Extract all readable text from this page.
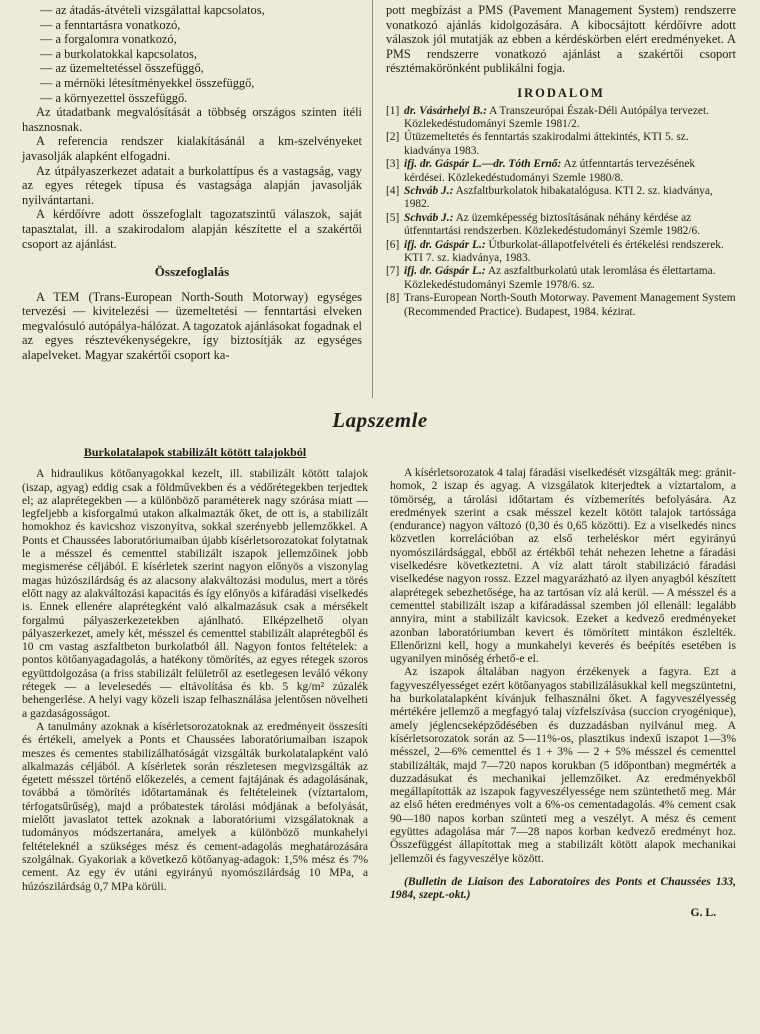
— az átadás-átvételi vizsgálattal kapcsolatos,
— a fenntartásra vonatkozó,
— a forgalomra vonatkozó,
— a burkolatokkal kapcsolatos,
— az üzemeltetéssel összefüggő,
— a mérnöki létesítményekkel összefüggő,
— a környezettel összefüggő.

Az útadatbank megvalósítását a többség országos szinten ítéli hasznosnak.

A referencia rendszer kialakításánál a km-szelvényeket javasolják alapként elfogadni.

Az útpályaszerkezet adatait a burkolattípus és a vastagság, vagy az egyes rétegek típusa és vastagsága alapján javasolják nyilvántartani.

A kérdőívre adott összefoglalt tagozatszintű válaszok, saját tapasztalat, ill. a szakirodalom alapján készítette el a szakértői csoport az ajánlást.

Összefoglalás

A TEM (Trans-European North-South Motorway) egységes tervezési — kivitelezési — üzemeltetési — fenntartási elveken megvalósuló autópálya-hálózat. A tagozatok ajánlásokat fogadnak el az egyes résztevékenységekre, így biztosítják az egységes alapelveket. Magyar szakértői csoport ka-

pott megbízást a PMS (Pavement Management System) rendszerre vonatkozó ajánlás kidolgozására. A kibocsájtott kérdőívre adott válaszok jól mutatják az ebben a kérdéskörben elért eredményeket. A PMS rendszerre vonatkozó ajánlást a szakértői csoport résztémakörönként publikálni fogja.

IRODALOM
[1] dr. Vásárhelyi B.: A Transzeurópai Észak-Déli Autópálya tervezet. Közlekedéstudományi Szemle 1981/2.
[2] Útüzemeltetés és fenntartás szakirodalmi áttekintés, KTI 5. sz. kiadványa 1983.
[3] ifj. dr. Gáspár L.—dr. Tóth Ernő: Az útfenntartás tervezésének kérdései. Közlekedéstudományi Szemle 1980/8.
[4] Schváb J.: Aszfaltburkolatok hibakatalógusa. KTI 2. sz. kiadványa, 1982.
[5] Schváb J.: Az üzemképesség biztosításának néhány kérdése az útfenntartási rendszerben. Közlekedéstudományi Szemle 1982/6.
[6] ifj. dr. Gáspár L.: Útburkolat-állapotfelvételi és értékelési rendszerek. KTI 7. sz. kiadványa, 1983.
[7] ifj. dr. Gáspár L.: Az aszfaltburkolatú utak leromlása és élettartama. Közlekedéstudományi Szemle 1978/6. sz.
[8] Trans-European North-South Motorway. Pavement Management System (Recommended Practice). Budapest, 1984. kézirat.
Lapszemle
Burkolatalapok stabilizált kötött talajokból

A hidraulikus kötőanyagokkal kezelt, ill. stabilizált kötött talajok (iszap, agyag) eddig csak a földművekben és a védőrétegekben terjedtek el; az alaprétegekben — a különböző paraméterek nagy szórása miatt — legfeljebb a kisforgalmú utakon alkalmazták őket, de ott is, a stabilizált homokhoz és kavicshoz viszonyítva, sokkal szerényebb jellemzőkkel. A Ponts et Chaussées laboratóriumaiban újabb kísérletsorozatokat folytatnak le a mésszel és cementtel stabilizált iszapok jellemzőinek jobb megismerése céljából. E kísérletek szerint nagyon előnyös a viszonylag magas húzószilárdság és az alacsony alakváltozási modulus, mert a törés előtt nagy az alakváltozási kapacitás és így előnyös a kifáradási viselkedés is. Ennek ellenére alaprétegként való alkalmazásuk csak a mérsékelt forgalmú pályaszerkezetekben ajánlható. Elképzelhető olyan pályaszerkezet, amely két, mésszel és cementtel stabilizált alaprétegből és 10 cm vastag aszfaltbeton burkolatból áll. Nagyon fontos feltételek: a pontos kötőanyagadagolás, a hatékony tömörítés, az egyes rétegek szoros együttdolgozása (a friss stabilizált felületről az esetlegesen leváló vékony rétegek — a levelesedés — eltávolítása és kb. 5 kg/m² zúzalék behengerlése. A helyi vagy közeli iszap felhasználása jelentősen növelheti a gazdaságosságot.

A tanulmány azoknak a kísérletsorozatoknak az eredményeit összesíti és értékeli, amelyek a Ponts et Chaussées laboratóriumaiban iszapok meszes és cementes stabilizálhatóságát vizsgálták burkolatalapként való alkalmazás céljából. A kísérletek során részletesen megvizsgálták az égetett mésszel történő előkezelés, a cement fajtájának és adagolásának, továbbá a tömörítés időtartamának és feltételeinek (víztartalom, térfogatsűrűség), majd a próbatestek tárolási módjának a befolyását, mielőtt javaslatot tettek azoknak a laboratóriumi vizsgálatoknak a tudományos módszertanára, amelyek a különböző munkahelyi feltételeknél a szükséges mész és cement-adagolás meghatározására szolgálnak. Gyakoriak a következő kötőanyag-adagok: 1,5% mész és 7% cement. Az egy év utáni egyirányú nyomószilárdság 10 MPa, a húzószilárdság 0,7 MPa körüli.

A kísérletsorozatok 4 talaj fáradási viselkedését vizsgálták meg: gránit-homok, 2 iszap és agyag. A vizsgálatok kiterjedtek a víztartalom, a tömörség, a tárolási időtartam és vízbemerítés befolyására. Az eredmények szerint a csak mésszel kezelt kötött talajok tartóssága (endurance) nagyon változó (0,30 és 0,65 közötti). Ez a viselkedés nincs közvetlen korrelációban az első terheléskor mért egyirányú nyomószilárdsággal, ebből az értékből tehát nehezen lehetne a fáradási viselkedésre következtetni. A víz alatt tárolt stabilizáció fáradási viselkedése nagyon rossz. Ezzel magyarázható az ilyen anyagból készített alaprétegek sebezhetősége, ha az tartósan víz alá kerül. — A mésszel és a cementtel stabilizált iszap a kifáradással szemben jól ellenáll: legalább annyira, mint a stabilizált kavicsok. Ezeket a kedvező eredményeket azonban laboratóriumban kevert és tömörített mintákon észlelték. Ellenőrizni kell, hogy a munkahelyi keverés és beépítés esetében is ugyanilyen minőség érhető-e el.

Az iszapok általában nagyon érzékenyek a fagyra. Ezt a fagyveszélyességet ezért kötőanyagos stabilizálásukkal kell megszüntetni, ha burkolatalapként kívánjuk felhasználni őket. A fagyveszélyesség mértékére jellemző a megfagyó talaj vízfelszívása (succion cryogénique), amely jéglencseképződésében és duzzadásban nyilvánul meg. A kísérletsorozatok során az 5—11%-os, plasztikus indexű iszapot 1—3% mésszel, 2—6% cementtel és 1 + 3% — 2 + 5% mésszel és cementtel stabilizálták, majd 7—720 napos korukban (5 időpontban) megmérték a duzzadásukat és mechanikai jellemzőiket. Az eredményekből megállapították az iszapok fagyveszélyessége nem szüntethető meg. Már az első héten eredményes volt a 6%-os cementadagolás. 4% cement csak 90—180 napos korban szünteti meg a veszélyt. A mész és cement együttes adagolása már 7—28 napos korban kedvező eredményt hoz. Összefüggést állapítottak meg a stabilizált kötött alapok mechanikai jellemzői és fagyveszélye között.

(Bulletin de Liaison des Laboratoires des Ponts et Chaussées 133, 1984, szept.-okt.)

G. L.
